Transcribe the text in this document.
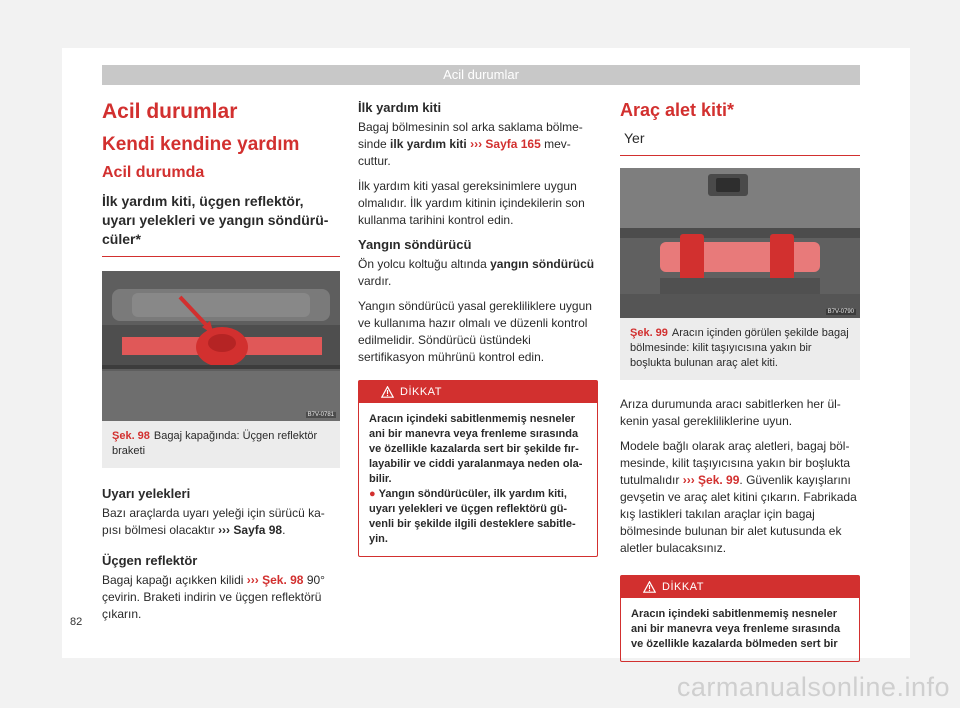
Acil durumlar
Acil durumlar
Kendi kendine yardım
Acil durumda
İlk yardım kiti, üçgen reflektör, uyarı yelekleri ve yangın söndürücüler*
B7V-0781
Şek. 98 Bagaj kapağında: Üçgen reflektör braketi
Uyarı yelekleri

Bazı araçlarda uyarı yeleği için sürücü kapısı bölmesi olacaktır ››› Sayfa 98.

Üçgen reflektör

Bagaj kapağı açıkken kilidi ››› Şek. 98 90° çevirin. Braketi indirin ve üçgen reflektörü çıkarın.

İlk yardım kiti

Bagaj bölmesinin sol arka saklama bölmesinde ilk yardım kiti ››› Sayfa 165 mevcuttur.

İlk yardım kiti yasal gereksinimlere uygun olmalıdır. İlk yardım kitinin içindekilerin son kullanma tarihini kontrol edin.

Yangın söndürücü

Ön yolcu koltuğu altında yangın söndürücü vardır.

Yangın söndürücü yasal gerekliliklere uygun ve kullanıma hazır olmalı ve düzenli kontrol edilmelidir. Söndürücü üstündeki sertifikasyon mührünü kontrol edin.

DİKKAT
Aracın içindeki sabitlenmemiş nesneler ani bir manevra veya frenleme sırasında ve özellikle kazalarda sert bir şekilde fırlayabilir ve ciddi yaralanmaya neden olabilir.
● Yangın söndürücüler, ilk yardım kiti, uyarı yelekleri ve üçgen reflektörü güvenli bir şekilde ilgili desteklere sabitleyin.
Araç alet kiti*
Yer
B7V-0790
Şek. 99 Aracın içinden görülen şekilde bagaj bölmesinde: kilit taşıyıcısına yakın bir boşlukta bulunan araç alet kiti.

Arıza durumunda aracı sabitlerken her ülkenin yasal gerekliliklerine uyun.

Modele bağlı olarak araç aletleri, bagaj bölmesinde, kilit taşıyıcısına yakın bir boşlukta tutulmalıdır ››› Şek. 99. Güvenlik kayışlarını gevşetin ve araç alet kitini çıkarın. Fabrikada kış lastikleri takılan araçlar için bagaj bölmesinde bulunan bir alet kutusunda ek aletler bulacaksınız.

DİKKAT
Aracın içindeki sabitlenmemiş nesneler ani bir manevra veya frenleme sırasında ve özellikle kazalarda bölmeden sert bir
82
carmanualsonline.info
